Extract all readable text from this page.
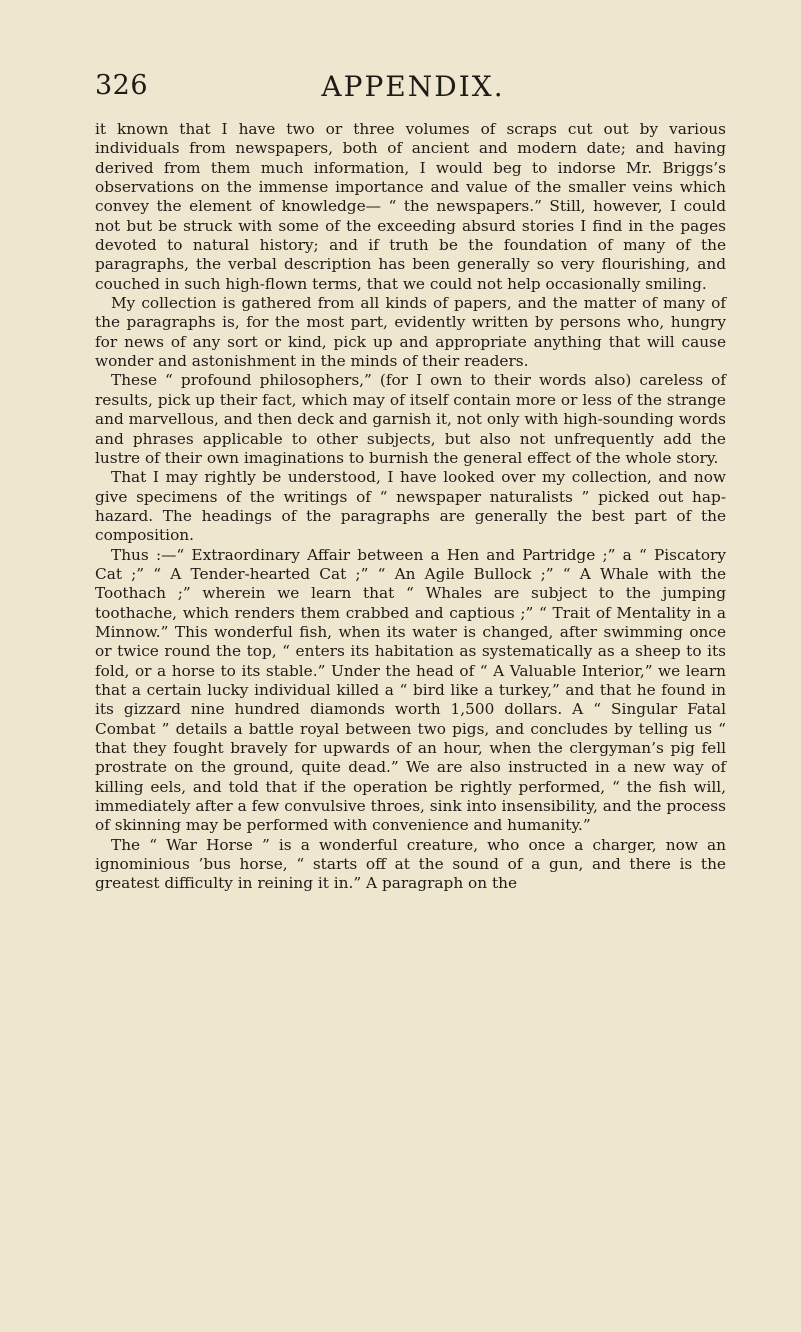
326	APPENDIX.

it known that I have two or three volumes of scraps cut out by various individuals from newspapers, both of ancient and modern date; and having derived from them much information, I would beg to indorse Mr. Briggs’s observations on the immense importance and value of the smaller veins which convey the element of knowledge— “ the newspapers.” Still, however, I could not but be struck with some of the exceeding absurd stories I find in the pages devoted to natural history; and if truth be the foundation of many of the paragraphs, the verbal description has been generally so very flourishing, and couched in such high-flown terms, that we could not help occasionally smiling.

My collection is gathered from all kinds of papers, and the matter of many of the paragraphs is, for the most part, evidently written by persons who, hungry for news of any sort or kind, pick up and appropriate anything that will cause wonder and astonishment in the minds of their readers.

These “ profound philosophers,” (for I own to their words also) careless of results, pick up their fact, which may of itself contain more or less of the strange and marvellous, and then deck and garnish it, not only with high-sounding words and phrases applicable to other subjects, but also not unfrequently add the lustre of their own imaginations to burnish the general effect of the whole story.

That I may rightly be understood, I have looked over my collection, and now give specimens of the writings of “ newspaper naturalists ” picked out hap-hazard. The headings of the paragraphs are generally the best part of the composition.

Thus :—“ Extraordinary Affair between a Hen and Partridge ;” a “ Piscatory Cat ;” “ A Tender-hearted Cat ;” “ An Agile Bullock ;” “ A Whale with the Toothach ;” wherein we learn that “ Whales are subject to the jumping toothache, which renders them crabbed and captious ;” “ Trait of Mentality in a Minnow.” This wonderful fish, when its water is changed, after swimming once or twice round the top, “ enters its habitation as systematically as a sheep to its fold, or a horse to its stable.” Under the head of “ A Valuable Interior,” we learn that a certain lucky individual killed a “ bird like a turkey,” and that he found in its gizzard nine hundred diamonds worth 1,500 dollars. A “ Singular Fatal Combat ” details a battle royal between two pigs, and concludes by telling us “ that they fought bravely for upwards of an hour, when the clergyman’s pig fell prostrate on the ground, quite dead.” We are also instructed in a new way of killing eels, and told that if the operation be rightly performed, “ the fish will, immediately after a few convulsive throes, sink into insensibility, and the process of skinning may be performed with convenience and humanity.”

The “ War Horse ” is a wonderful creature, who once a charger, now an ignominious ’bus horse, “ starts off at the sound of a gun, and there is the greatest difficulty in reining it in.” A paragraph on the
